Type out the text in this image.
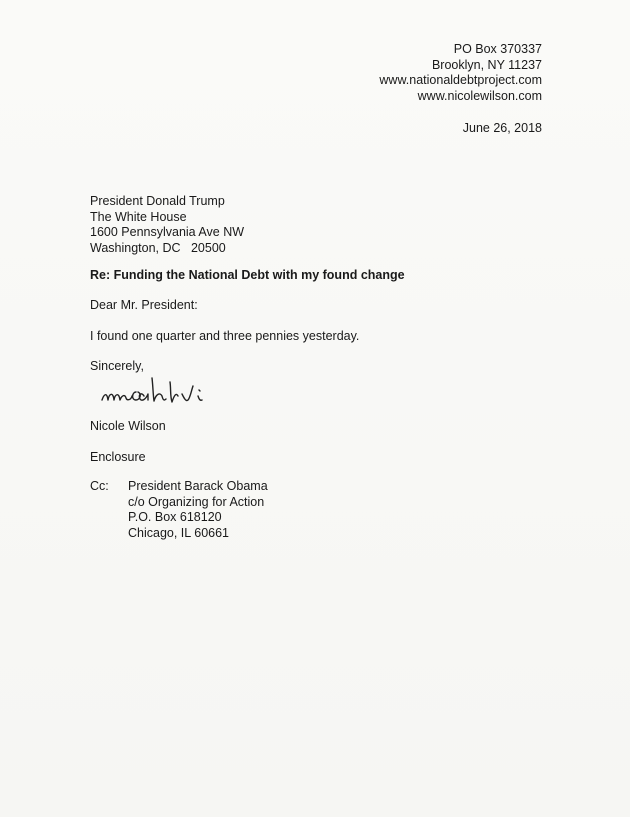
PO Box 370337
Brooklyn, NY 11237
www.nationaldebtproject.com
www.nicolewilson.com
June 26, 2018
President Donald Trump
The White House
1600 Pennsylvania Ave NW
Washington, DC   20500
Re: Funding the National Debt with my found change
Dear Mr. President:
I found one quarter and three pennies yesterday.
Sincerely,
Nicole Wilson
Enclosure
Cc: President Barack Obama
c/o Organizing for Action
P.O. Box 618120
Chicago, IL 60661
